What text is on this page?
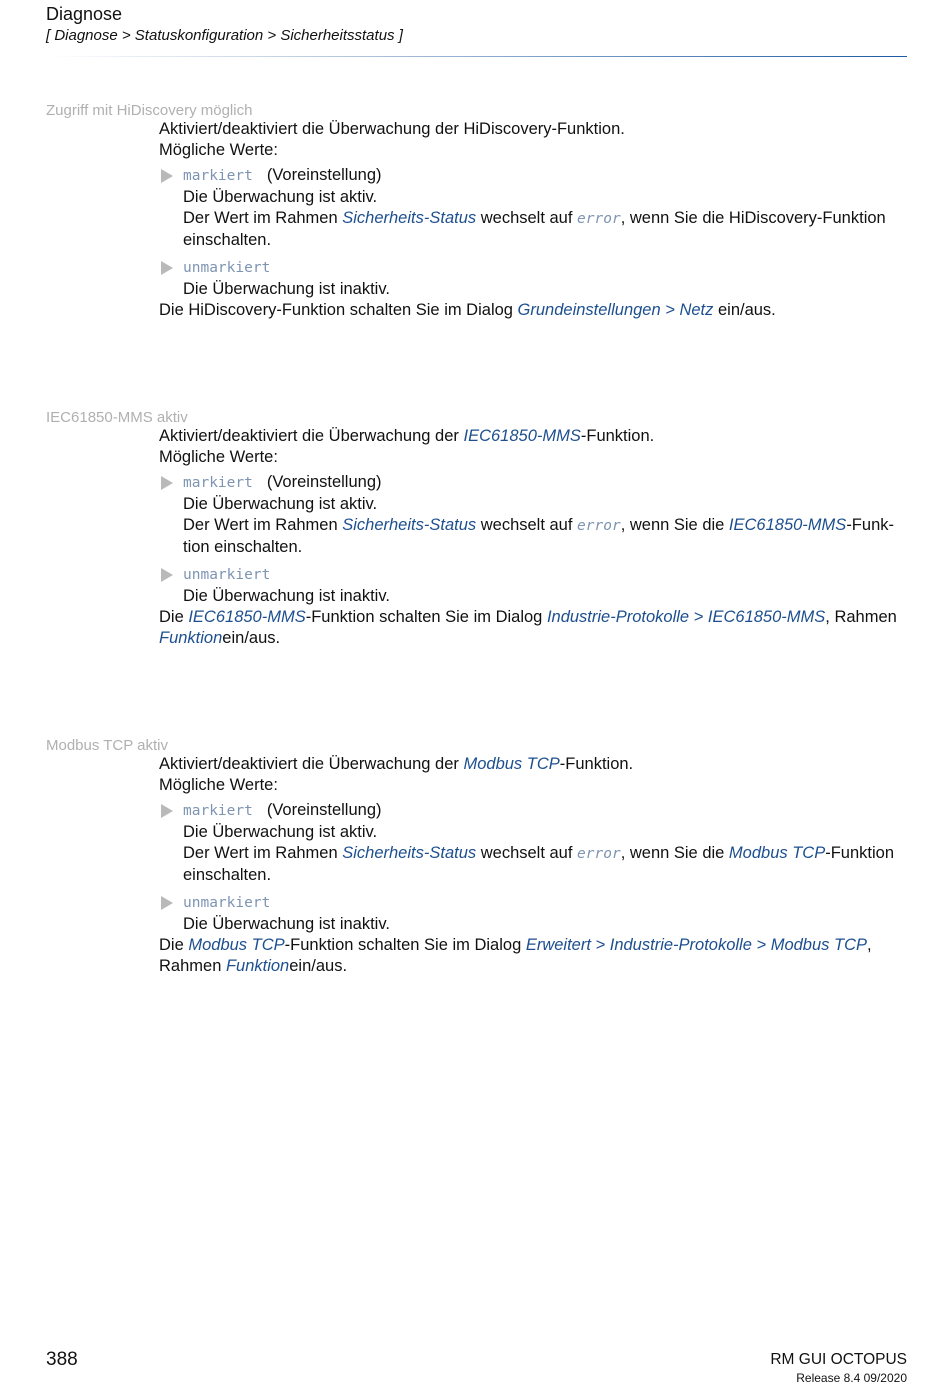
Diagnose
[ Diagnose > Statuskonfiguration > Sicherheitsstatus ]

Zugriff mit HiDiscovery möglich

Aktiviert/deaktiviert die Überwachung der HiDiscovery-Funktion.

Mögliche Werte:

markiert (Voreinstellung)

Die Überwachung ist aktiv.

Der Wert im Rahmen Sicherheits-Status wechselt auf error, wenn Sie die HiDiscovery-Funktion

einschalten.

unmarkiert

Die Überwachung ist inaktiv.

Die HiDiscovery-Funktion schalten Sie im Dialog Grundeinstellungen > Netz ein/aus.

IEC61850-MMS aktiv

Aktiviert/deaktiviert die Überwachung der IEC61850-MMS-Funktion.

Mögliche Werte:

markiert (Voreinstellung)

Die Überwachung ist aktiv.

Der Wert im Rahmen Sicherheits-Status wechselt auf error, wenn Sie die IEC61850-MMS-Funk-

tion einschalten.

unmarkiert

Die Überwachung ist inaktiv.

Die IEC61850-MMS-Funktion schalten Sie im Dialog Industrie-Protokolle > IEC61850-MMS, Rahmen

Funktionein/aus.

Modbus TCP aktiv

Aktiviert/deaktiviert die Überwachung der Modbus TCP-Funktion.

Mögliche Werte:

markiert (Voreinstellung)

Die Überwachung ist aktiv.

Der Wert im Rahmen Sicherheits-Status wechselt auf error, wenn Sie die Modbus TCP-Funktion

einschalten.

unmarkiert

Die Überwachung ist inaktiv.

Die Modbus TCP-Funktion schalten Sie im Dialog Erweitert > Industrie-Protokolle > Modbus TCP,

Rahmen Funktionein/aus.

388	RM GUI OCTOPUS
Release 8.4 09/2020
